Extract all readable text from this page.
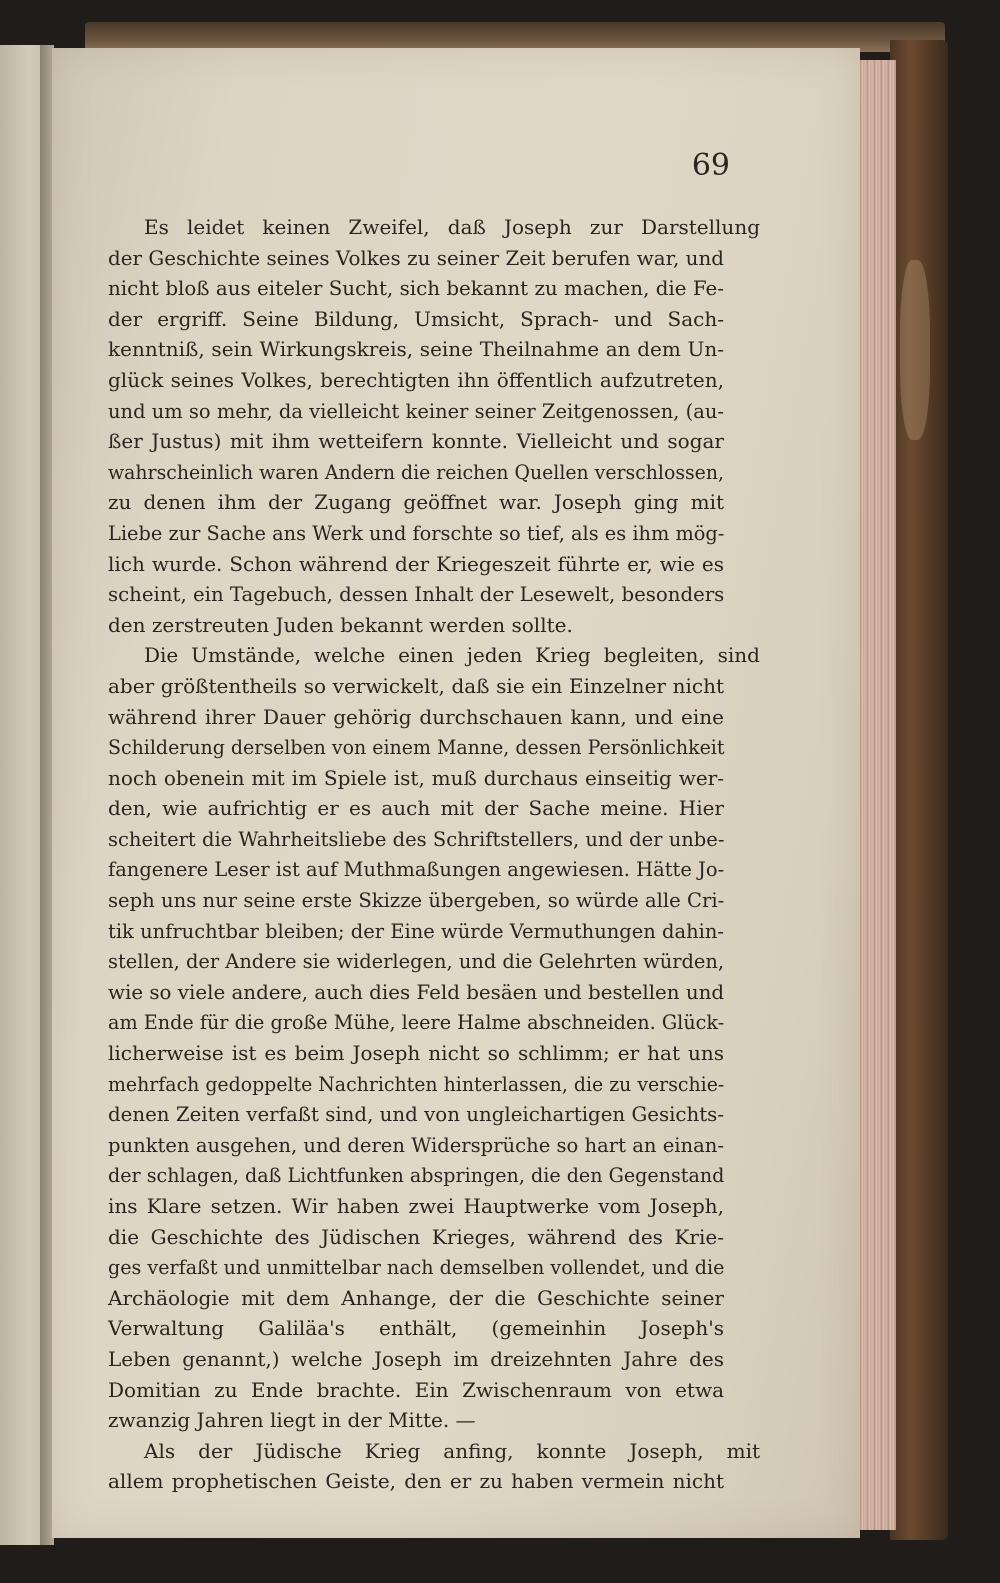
69
Es leidet keinen Zweifel, daß Joseph zur Darstellung
der Geschichte seines Volkes zu seiner Zeit berufen war, und
nicht bloß aus eiteler Sucht, sich bekannt zu machen, die Fe-
der ergriff. Seine Bildung, Umsicht, Sprach- und Sach-
kenntniß, sein Wirkungskreis, seine Theilnahme an dem Un-
glück seines Volkes, berechtigten ihn öffentlich aufzutreten,
und um so mehr, da vielleicht keiner seiner Zeitgenossen, (au-
ßer Justus) mit ihm wetteifern konnte. Vielleicht und sogar
wahrscheinlich waren Andern die reichen Quellen verschlossen,
zu denen ihm der Zugang geöffnet war. Joseph ging mit
Liebe zur Sache ans Werk und forschte so tief, als es ihm mög-
lich wurde. Schon während der Kriegeszeit führte er, wie es
scheint, ein Tagebuch, dessen Inhalt der Lesewelt, besonders
den zerstreuten Juden bekannt werden sollte.
Die Umstände, welche einen jeden Krieg begleiten, sind
aber größtentheils so verwickelt, daß sie ein Einzelner nicht
während ihrer Dauer gehörig durchschauen kann, und eine
Schilderung derselben von einem Manne, dessen Persönlichkeit
noch obenein mit im Spiele ist, muß durchaus einseitig wer-
den, wie aufrichtig er es auch mit der Sache meine. Hier
scheitert die Wahrheitsliebe des Schriftstellers, und der unbe-
fangenere Leser ist auf Muthmaßungen angewiesen. Hätte Jo-
seph uns nur seine erste Skizze übergeben, so würde alle Cri-
tik unfruchtbar bleiben; der Eine würde Vermuthungen dahin-
stellen, der Andere sie widerlegen, und die Gelehrten würden,
wie so viele andere, auch dies Feld besäen und bestellen und
am Ende für die große Mühe, leere Halme abschneiden. Glück-
licherweise ist es beim Joseph nicht so schlimm; er hat uns
mehrfach gedoppelte Nachrichten hinterlassen, die zu verschie-
denen Zeiten verfaßt sind, und von ungleichartigen Gesichts-
punkten ausgehen, und deren Widersprüche so hart an einan-
der schlagen, daß Lichtfunken abspringen, die den Gegenstand
ins Klare setzen. Wir haben zwei Hauptwerke vom Joseph,
die Geschichte des Jüdischen Krieges, während des Krie-
ges verfaßt und unmittelbar nach demselben vollendet, und die
Archäologie mit dem Anhange, der die Geschichte seiner
Verwaltung Galiläa's enthält, (gemeinhin Joseph's
Leben genannt,) welche Joseph im dreizehnten Jahre des
Domitian zu Ende brachte. Ein Zwischenraum von etwa
zwanzig Jahren liegt in der Mitte. —
Als der Jüdische Krieg anfing, konnte Joseph, mit
allem prophetischen Geiste, den er zu haben vermein nicht
